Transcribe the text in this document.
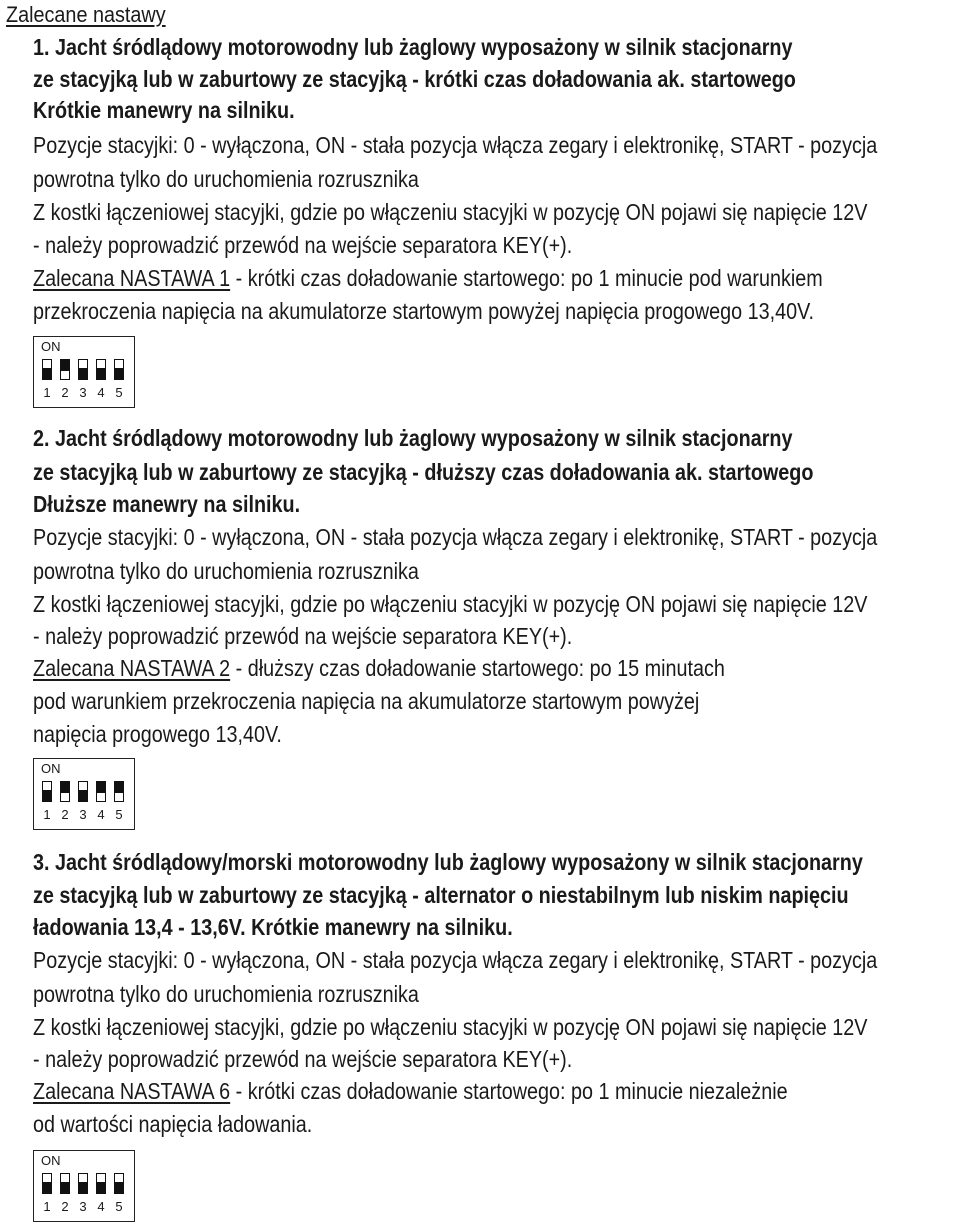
Zalecane nastawy
1. Jacht śródlądowy motorowodny lub żaglowy wyposażony w silnik stacjonarny
ze stacyjką lub w zaburtowy ze stacyjką - krótki czas doładowania ak. startowego
Krótkie manewry na silniku.
Pozycje stacyjki: 0 - wyłączona, ON - stała pozycja włącza zegary i elektronikę, START - pozycja
powrotna tylko do uruchomienia rozrusznika
Z kostki łączeniowej stacyjki, gdzie po włączeniu stacyjki w pozycję ON pojawi się napięcie 12V
- należy poprowadzić przewód na wejście separatora KEY(+).
Zalecana NASTAWA 1 - krótki czas doładowanie startowego: po 1 minucie pod warunkiem
przekroczenia napięcia na akumulatorze startowym powyżej napięcia progowego 13,40V.
ON
1 2 3 4 5
2. Jacht śródlądowy motorowodny lub żaglowy wyposażony w silnik stacjonarny
ze stacyjką lub w zaburtowy ze stacyjką - dłuższy czas doładowania ak. startowego
Dłuższe manewry na silniku.
Pozycje stacyjki: 0 - wyłączona, ON - stała pozycja włącza zegary i elektronikę, START - pozycja
powrotna tylko do uruchomienia rozrusznika
Z kostki łączeniowej stacyjki, gdzie po włączeniu stacyjki w pozycję ON pojawi się napięcie 12V
- należy poprowadzić przewód na wejście separatora KEY(+).
Zalecana NASTAWA 2 - dłuższy czas doładowanie startowego: po 15 minutach
pod warunkiem przekroczenia napięcia na akumulatorze startowym powyżej
napięcia progowego 13,40V.
ON
1 2 3 4 5
3. Jacht śródlądowy/morski motorowodny lub żaglowy wyposażony w silnik stacjonarny
ze stacyjką lub w zaburtowy ze stacyjką - alternator o niestabilnym lub niskim napięciu
ładowania 13,4 - 13,6V. Krótkie manewry na silniku.
Pozycje stacyjki: 0 - wyłączona, ON - stała pozycja włącza zegary i elektronikę, START - pozycja
powrotna tylko do uruchomienia rozrusznika
Z kostki łączeniowej stacyjki, gdzie po włączeniu stacyjki w pozycję ON pojawi się napięcie 12V
- należy poprowadzić przewód na wejście separatora KEY(+).
Zalecana NASTAWA 6 - krótki czas doładowanie startowego: po 1 minucie niezależnie
od wartości napięcia ładowania.
ON
1 2 3 4 5
